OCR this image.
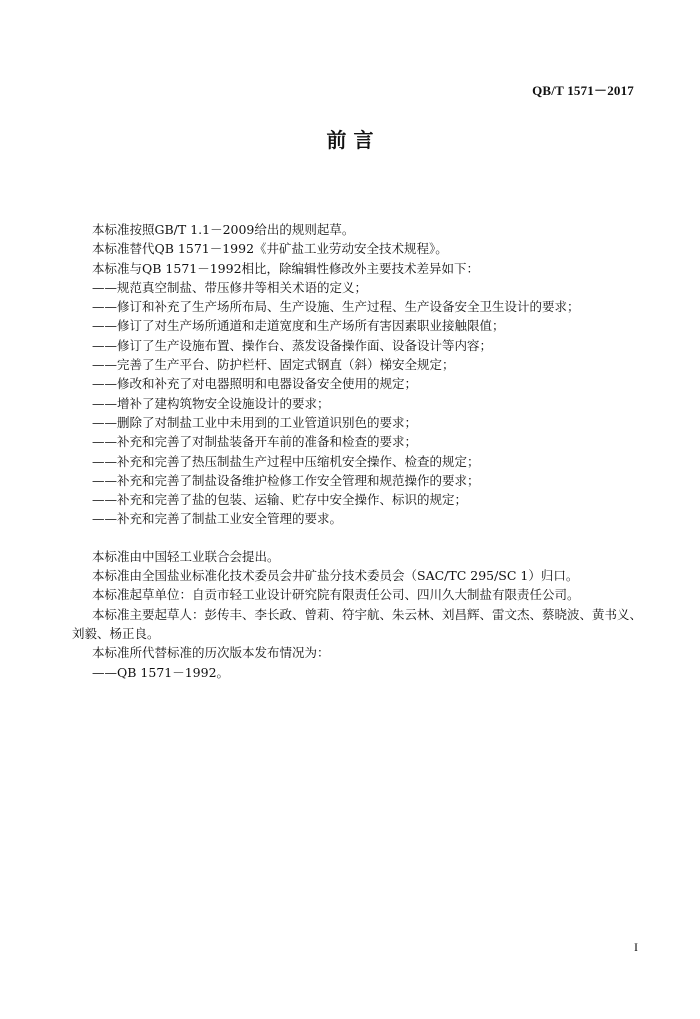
QB/T 1571－2017
前 言

本标准按照GB/T 1.1－2009给出的规则起草。

本标准替代QB 1571－1992《井矿盐工业劳动安全技术规程》。

本标准与QB 1571－1992相比，除编辑性修改外主要技术差异如下：

——规范真空制盐、带压修井等相关术语的定义；

——修订和补充了生产场所布局、生产设施、生产过程、生产设备安全卫生设计的要求；

——修订了对生产场所通道和走道宽度和生产场所有害因素职业接触限值；

——修订了生产设施布置、操作台、蒸发设备操作面、设备设计等内容；

——完善了生产平台、防护栏杆、固定式钢直（斜）梯安全规定；

——修改和补充了对电器照明和电器设备安全使用的规定；

——增补了建构筑物安全设施设计的要求；

——删除了对制盐工业中未用到的工业管道识别色的要求；

——补充和完善了对制盐装备开车前的准备和检查的要求；

——补充和完善了热压制盐生产过程中压缩机安全操作、检查的规定；

——补充和完善了制盐设备维护检修工作安全管理和规范操作的要求；

——补充和完善了盐的包装、运输、贮存中安全操作、标识的规定；

——补充和完善了制盐工业安全管理的要求。

本标准由中国轻工业联合会提出。

本标准由全国盐业标准化技术委员会井矿盐分技术委员会（SAC/TC 295/SC 1）归口。

本标准起草单位：自贡市轻工业设计研究院有限责任公司、四川久大制盐有限责任公司。

本标准主要起草人：彭传丰、李长政、曾莉、符宇航、朱云林、刘昌辉、雷文杰、蔡晓波、黄书义、刘毅、杨正良。

本标准所代替标准的历次版本发布情况为：

——QB 1571－1992。

I
